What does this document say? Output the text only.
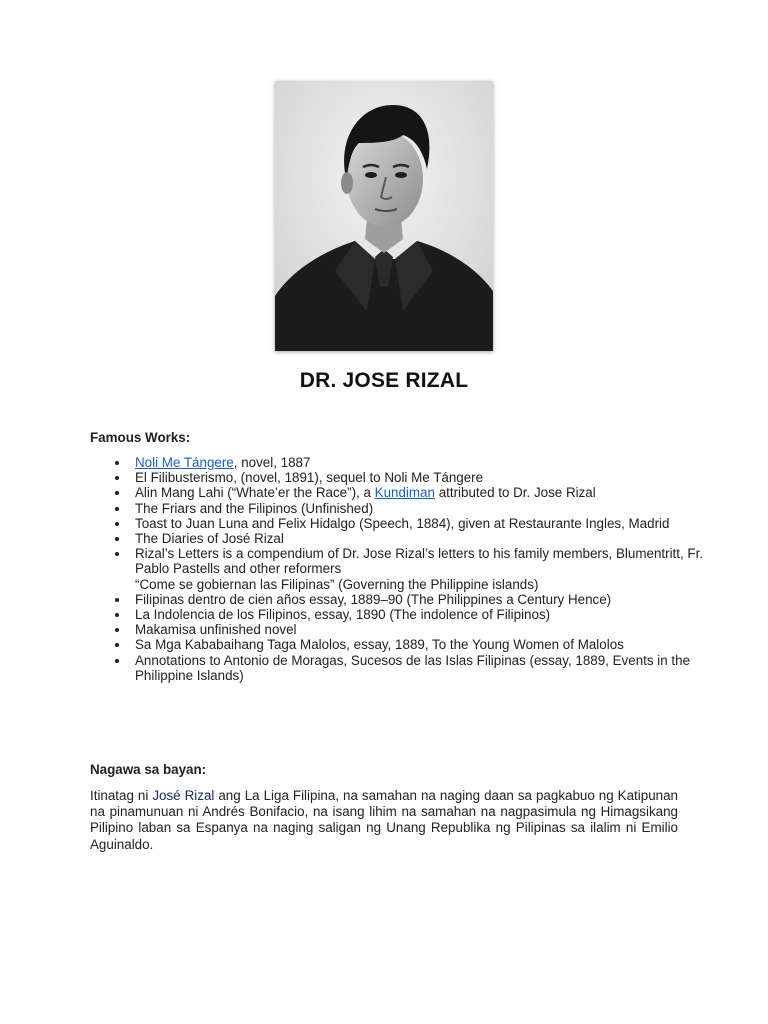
DR. JOSE RIZAL
Famous Works:
Noli Me Tángere, novel, 1887
El Filibusterismo, (novel, 1891), sequel to Noli Me Tángere
Alin Mang Lahi (“Whate’er the Race”), a Kundiman attributed to Dr. Jose Rizal
The Friars and the Filipinos (Unfinished)
Toast to Juan Luna and Felix Hidalgo (Speech, 1884), given at Restaurante Ingles, Madrid
The Diaries of José Rizal
Rizal’s Letters is a compendium of Dr. Jose Rizal’s letters to his family members, Blumentritt, Fr. Pablo Pastells and other reformers
“Come se gobiernan las Filipinas” (Governing the Philippine islands)
Filipinas dentro de cien años essay, 1889–90 (The Philippines a Century Hence)
La Indolencia de los Filipinos, essay, 1890 (The indolence of Filipinos)
Makamisa unfinished novel
Sa Mga Kababaihang Taga Malolos, essay, 1889, To the Young Women of Malolos
Annotations to Antonio de Moragas, Sucesos de las Islas Filipinas (essay, 1889, Events in the Philippine Islands)
Nagawa sa bayan:

Itinatag ni José Rizal ang La Liga Filipina, na samahan na naging daan sa pagkabuo ng Katipunan na pinamunuan ni Andrés Bonifacio, na isang lihim na samahan na nagpasimula ng Himagsikang Pilipino laban sa Espanya na naging saligan ng Unang Republika ng Pilipinas sa ilalim ni Emilio Aguinaldo.
